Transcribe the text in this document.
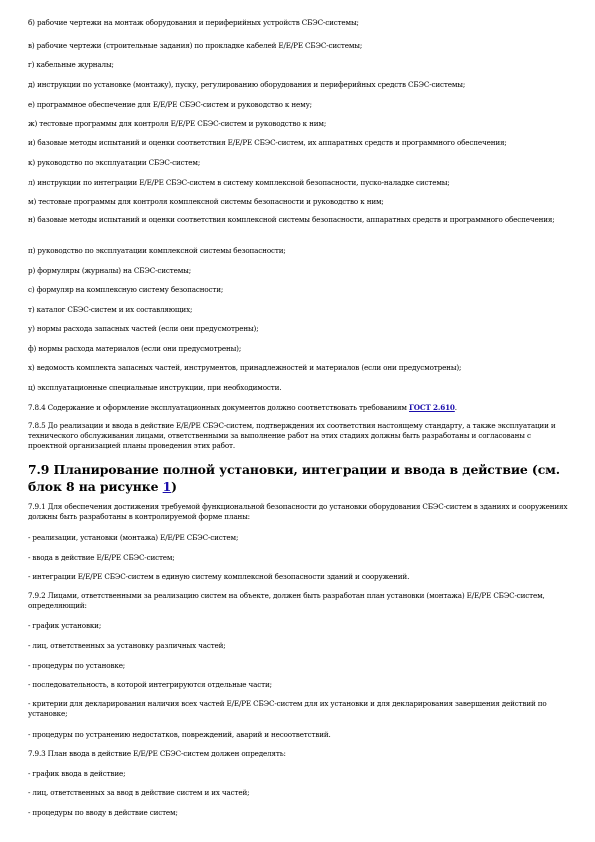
б) рабочие чертежи на монтаж оборудования и периферийных устройств СБЭС-системы;
в) рабочие чертежи (строительные задания) по прокладке кабелей E/E/PE СБЭС-системы;
г) кабельные журналы;
д) инструкции по установке (монтажу), пуску, регулированию оборудования и периферийных средств СБЭС-системы;
е) программное обеспечение для E/E/PE СБЭС-систем и руководство к нему;
ж) тестовые программы для контроля E/E/PE СБЭС-систем и руководство к ним;
и) базовые методы испытаний и оценки соответствия E/E/PE СБЭС-систем, их аппаратных средств и программного обеспечения;
к) руководство по эксплуатации СБЭС-систем;
л) инструкции по интеграции E/E/PE СБЭС-систем в систему комплексной безопасности, пуско-наладке системы;
м) тестовые программы для контроля комплексной системы безопасности и руководство к ним;
н) базовые методы испытаний и оценки соответствия комплексной системы безопасности, аппаратных средств и программного обеспечения;
п) руководство по эксплуатации комплексной системы безопасности;
р) формуляры (журналы) на СБЭС-системы;
с) формуляр на комплексную систему безопасности;
т) каталог СБЭС-систем и их составляющих;
у) нормы расхода запасных частей (если они предусмотрены);
ф) нормы расхода материалов (если они предусмотрены);
х) ведомость комплекта запасных частей, инструментов, принадлежностей и материалов (если они предусмотрены);
ц) эксплуатационные специальные инструкции, при необходимости.
7.8.4 Содержание и оформление эксплуатационных документов должно соответствовать требованиям ГОСТ 2.610.
7.8.5 До реализации и ввода в действие E/E/PE СБЭС-систем, подтверждения их соответствия настоящему стандарту, а также эксплуатации и технического обслуживания лицами, ответственными за выполнение работ на этих стадиях должны быть разработаны и согласованы с проектной организацией планы проведения этих работ.
7.9 Планирование полной установки, интеграции и ввода в действие (см. блок 8 на рисунке 1)
7.9.1 Для обеспечения достижения требуемой функциональной безопасности до установки оборудования СБЭС-систем в зданиях и сооружениях должны быть разработаны в контролируемой форме планы:
- реализации, установки (монтажа) E/E/PE СБЭС-систем;
- ввода в действие E/E/PE СБЭС-систем;
- интеграции E/E/PE СБЭС-систем в единую систему комплексной безопасности зданий и сооружений.
7.9.2 Лицами, ответственными за реализацию систем на объекте, должен быть разработан план установки (монтажа) E/E/PE СБЭС-систем, определяющий:
- график установки;
- лиц, ответственных за установку различных частей;
- процедуры по установке;
- последовательность, в которой интегрируются отдельные части;
- критерии для декларирования наличия всех частей E/E/PE СБЭС-систем для их установки и для декларирования завершения действий по установке;
- процедуры по устранению недостатков, повреждений, аварий и несоответствий.
7.9.3 План ввода в действие E/E/PE СБЭС-систем должен определять:
- график ввода в действие;
- лиц, ответственных за ввод в действие систем и их частей;
- процедуры по вводу в действие систем;
